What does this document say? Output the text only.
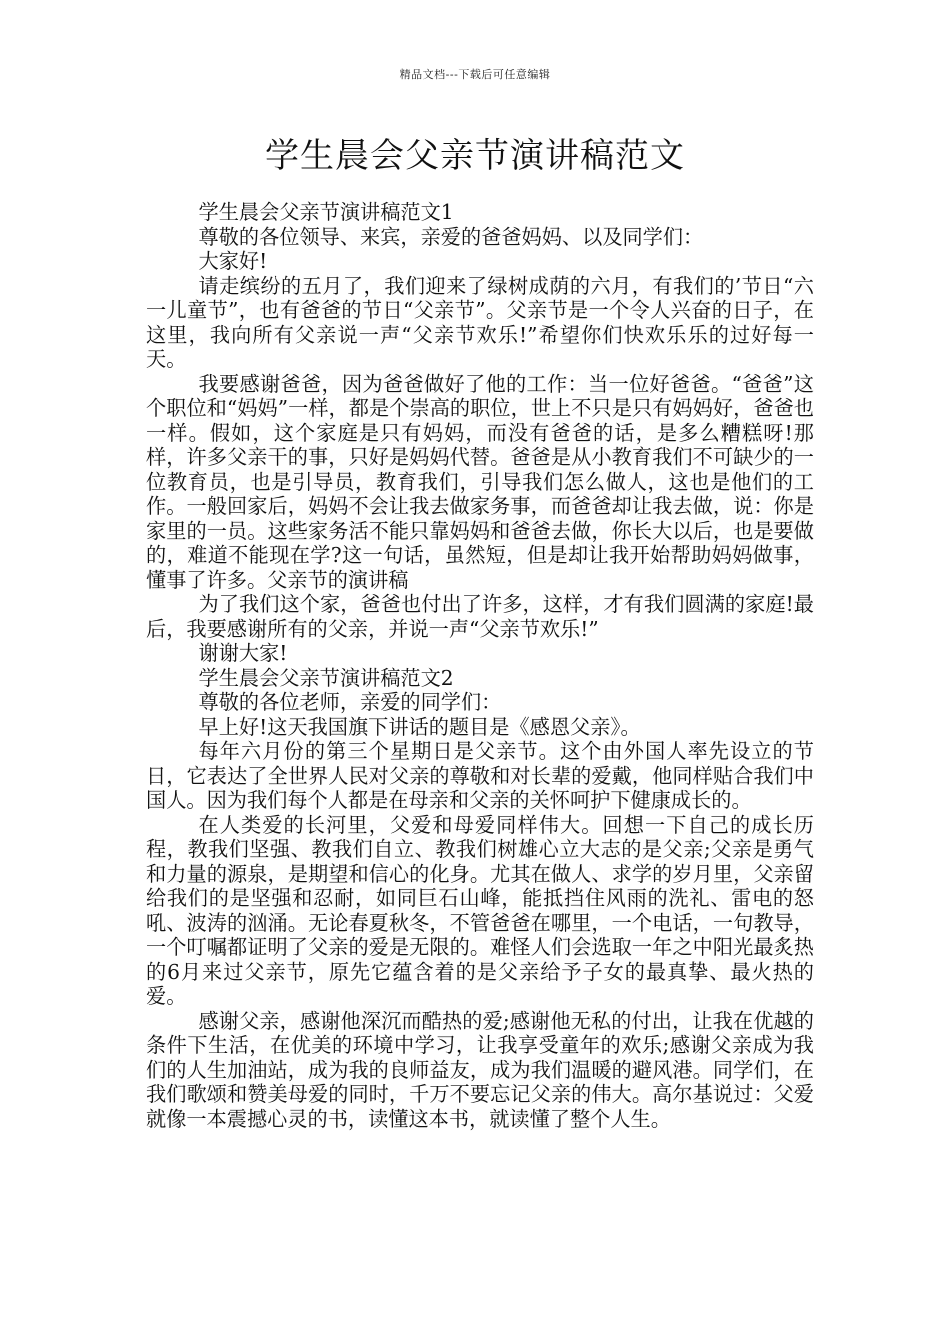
精品文档---下载后可任意编辑
学生晨会父亲节演讲稿范文

学生晨会父亲节演讲稿范文1

尊敬的各位领导、来宾，亲爱的爸爸妈妈、以及同学们：

大家好!

请走缤纷的五月了，我们迎来了绿树成荫的六月，有我们的’节日“六一儿童节”，也有爸爸的节日“父亲节”。父亲节是一个令人兴奋的日子，在这里，我向所有父亲说一声“父亲节欢乐!”希望你们快欢乐乐的过好每一天。

我要感谢爸爸，因为爸爸做好了他的工作：当一位好爸爸。“爸爸”这个职位和“妈妈”一样，都是个崇高的职位，世上不只是只有妈妈好，爸爸也一样。假如，这个家庭是只有妈妈，而没有爸爸的话，是多么糟糕呀!那样，许多父亲干的事，只好是妈妈代替。爸爸是从小教育我们不可缺少的一位教育员，也是引导员，教育我们，引导我们怎么做人，这也是他们的工作。一般回家后，妈妈不会让我去做家务事，而爸爸却让我去做，说：你是家里的一员。这些家务活不能只靠妈妈和爸爸去做，你长大以后，也是要做的，难道不能现在学?这一句话，虽然短，但是却让我开始帮助妈妈做事，懂事了许多。父亲节的演讲稿

为了我们这个家，爸爸也付出了许多，这样，才有我们圆满的家庭!最后，我要感谢所有的父亲，并说一声“父亲节欢乐!”

谢谢大家!

学生晨会父亲节演讲稿范文2

尊敬的各位老师，亲爱的同学们：

早上好!这天我国旗下讲话的题目是《感恩父亲》。

每年六月份的第三个星期日是父亲节。这个由外国人率先设立的节日，它表达了全世界人民对父亲的尊敬和对长辈的爱戴，他同样贴合我们中国人。因为我们每个人都是在母亲和父亲的关怀呵护下健康成长的。

在人类爱的长河里，父爱和母爱同样伟大。回想一下自己的成长历程，教我们坚强、教我们自立、教我们树雄心立大志的是父亲;父亲是勇气和力量的源泉，是期望和信心的化身。尤其在做人、求学的岁月里，父亲留给我们的是坚强和忍耐，如同巨石山峰，能抵挡住风雨的洗礼、雷电的怒吼、波涛的汹涌。无论春夏秋冬，不管爸爸在哪里，一个电话，一句教导，一个叮嘱都证明了父亲的爱是无限的。难怪人们会选取一年之中阳光最炙热的6月来过父亲节，原先它蕴含着的是父亲给予子女的最真挚、最火热的爱。

感谢父亲，感谢他深沉而酷热的爱;感谢他无私的付出，让我在优越的条件下生活，在优美的环境中学习，让我享受童年的欢乐;感谢父亲成为我们的人生加油站，成为我的良师益友，成为我们温暖的避风港。同学们，在我们歌颂和赞美母爱的同时，千万不要忘记父亲的伟大。高尔基说过：父爱就像一本震撼心灵的书，读懂这本书，就读懂了整个人生。
